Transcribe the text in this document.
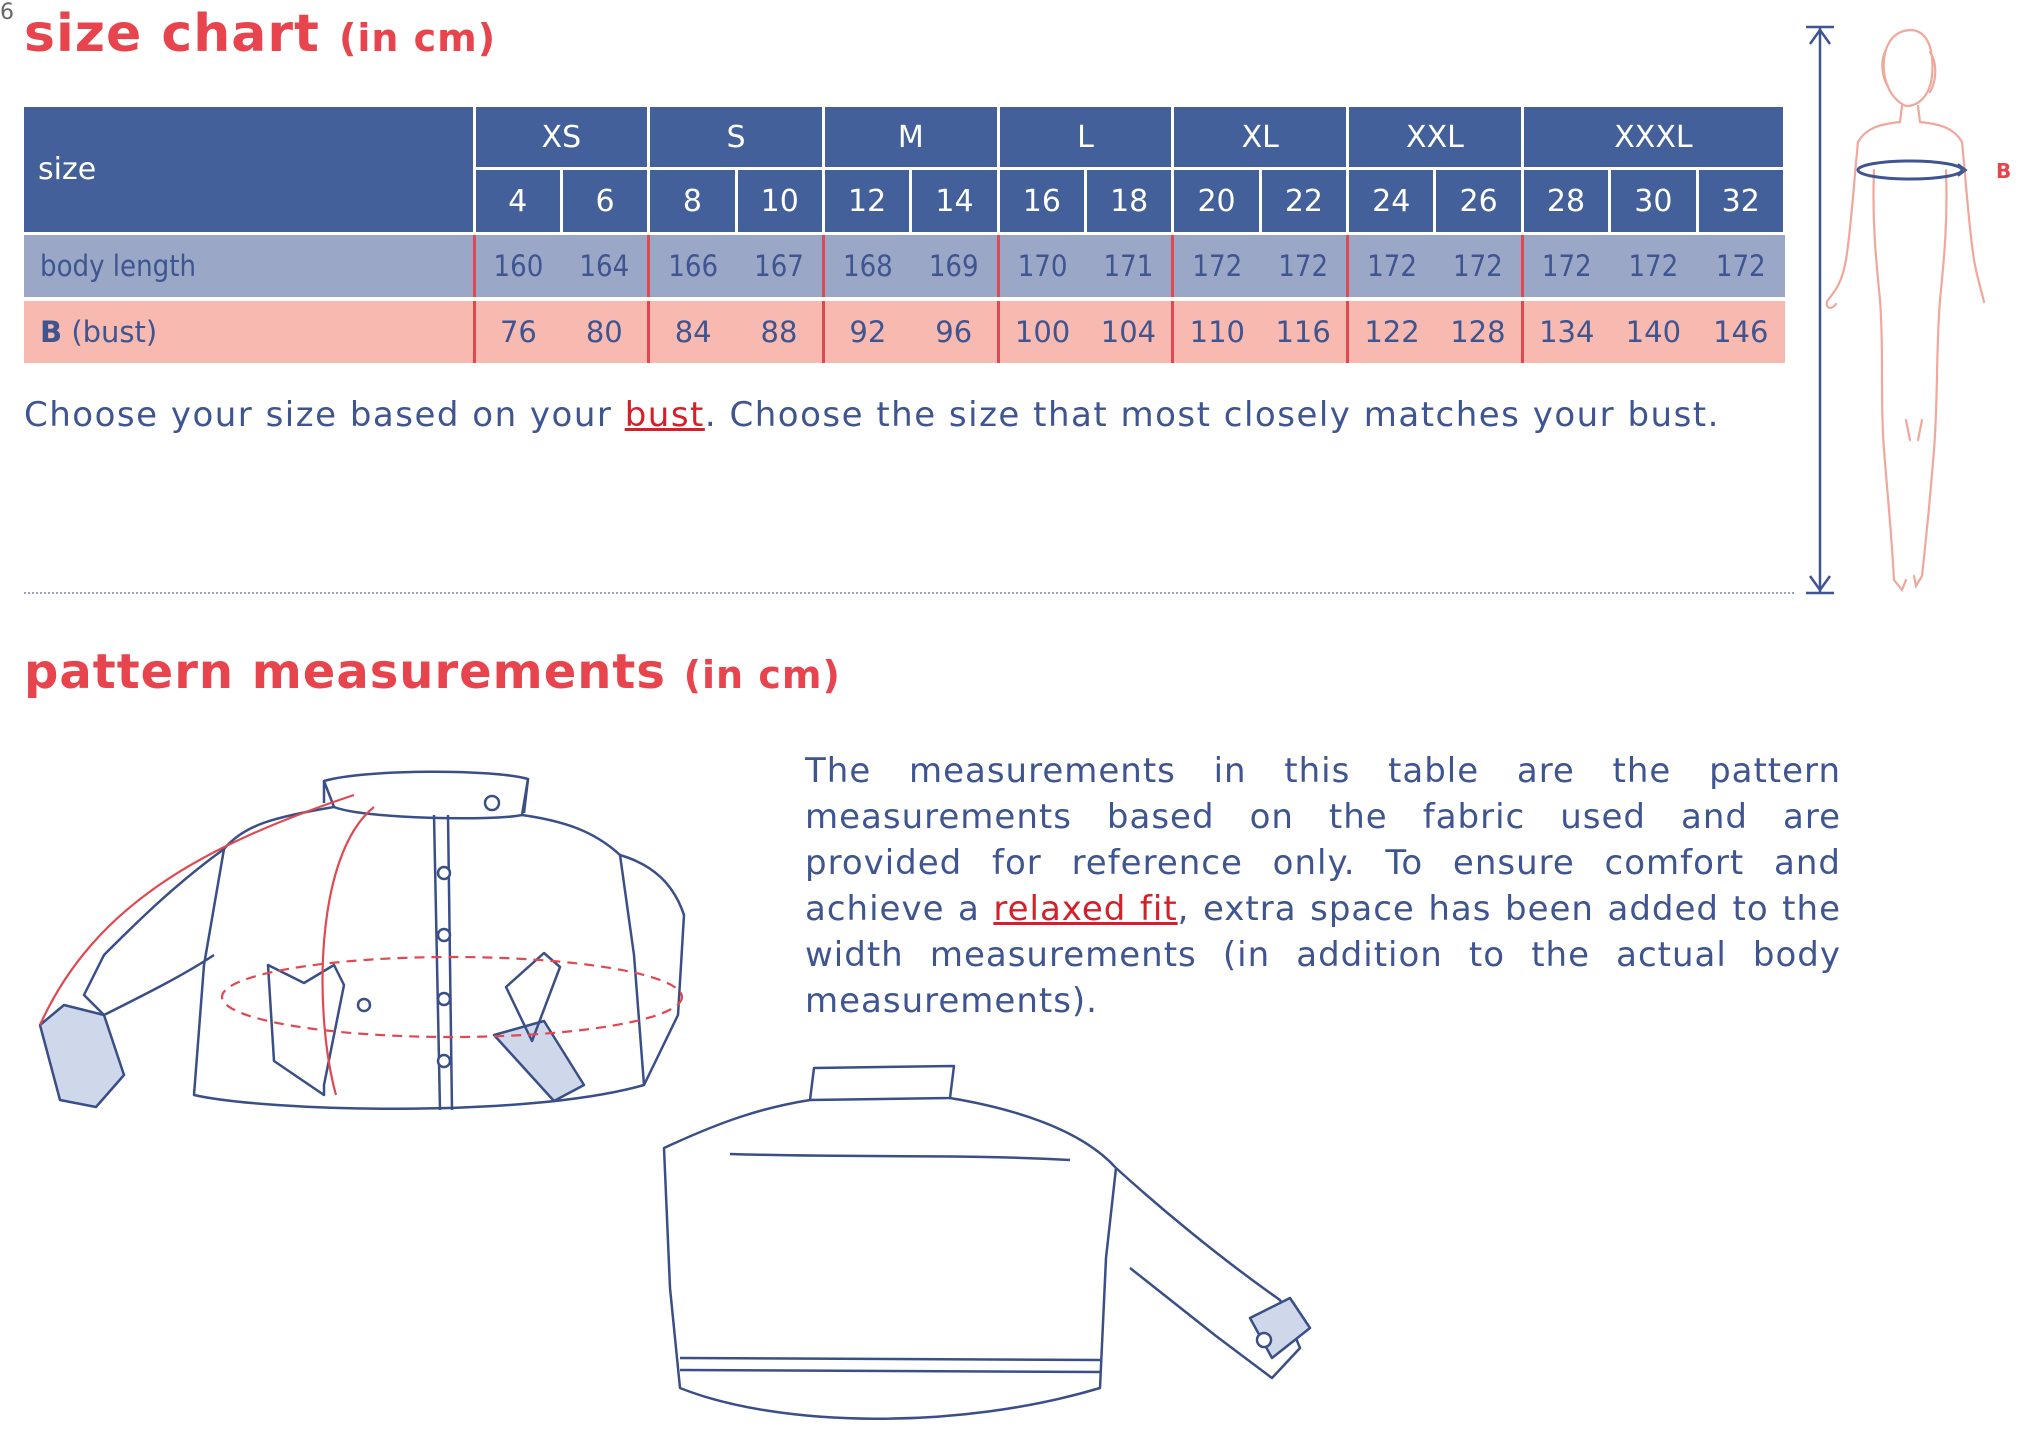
6 size chart (in cm)
size	XS		S		M		L		XL		XXL		XXXL		
	4	6	8	10	12	14	16	18	20	22	24	26	28	30	32
body length	160	164	166	167	168	169	170	171	172	172	172	172	172	172	172
B (bust)	76	80	84	88	92	96	100	104	110	116	122	128	134	140	146

Choose your size based on your bust. Choose the size that most closely matches your bust.

B
pattern measurements (in cm)

The measurements in this table are the pattern measurements based on the fabric used and are provided for reference only. To ensure comfort and achieve a relaxed fit, extra space has been added to the width measurements (in addition to the actual body measurements).
